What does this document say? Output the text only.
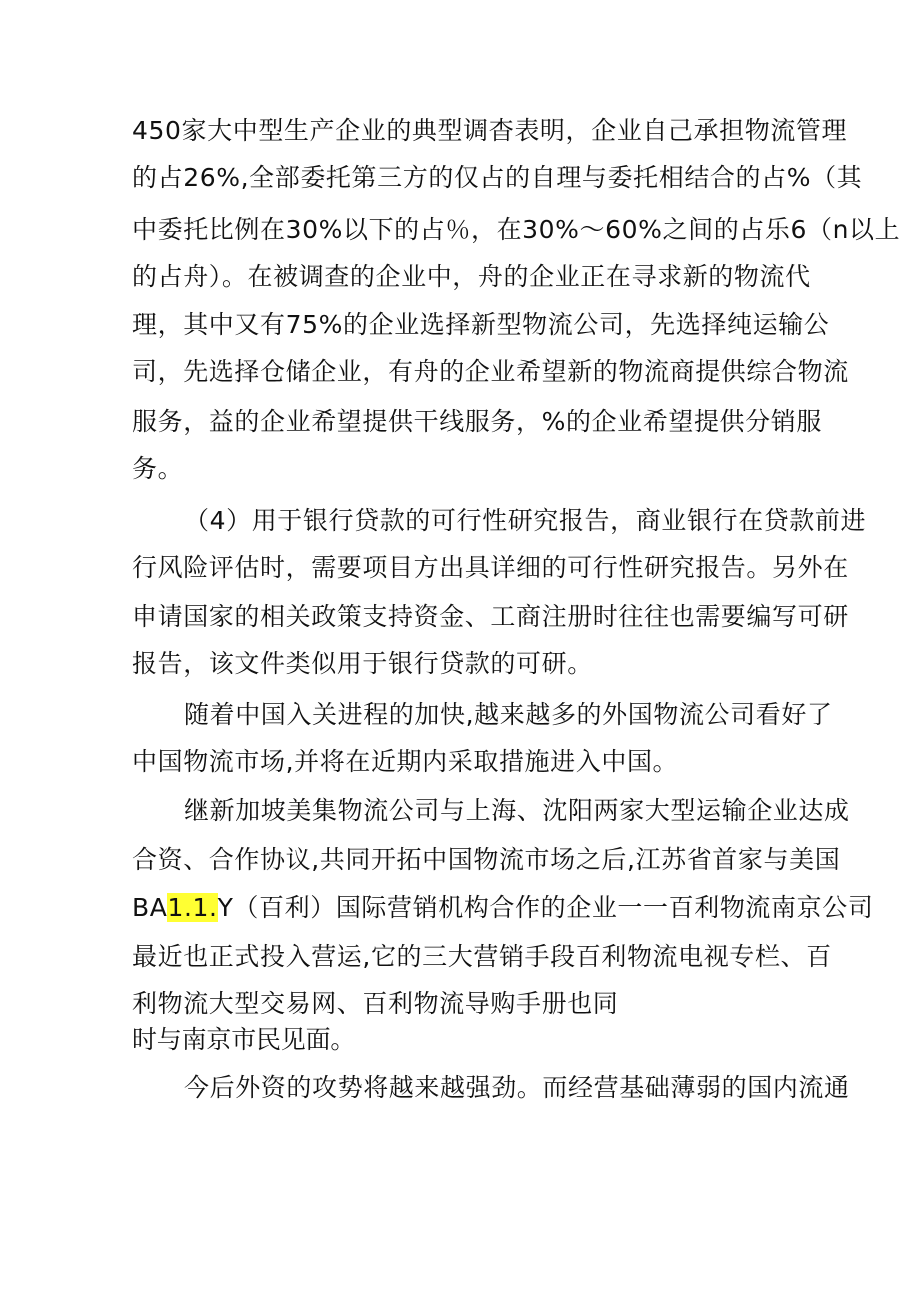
450家大中型生产企业的典型调杳表明，企业自己承担物流管理
的占26%,全部委托第三方的仅占的自理与委托相结合的占%（其
中委托比例在30%以下的占％，在30%〜60%之间的占乐6（n以上
的占舟）。在被调查的企业中，舟的企业正在寻求新的物流代
理，其中又有75%的企业选择新型物流公司，先选择纯运输公
司，先选择仓储企业，有舟的企业希望新的物流商提供综合物流
服务，益的企业希望提供干线服务，%的企业希望提供分销服
务。
（4）用于银行贷款的可行性研究报告，商业银行在贷款前进
行风险评估时，需要项目方出具详细的可行性研究报告。另外在
申请国家的相关政策支持资金、工商注册时往往也需要编写可研
报告，该文件类似用于银行贷款的可研。
随着中国入关进程的加快,越来越多的外国物流公司看好了
中国物流市场,并将在近期内采取措施进入中国。
继新加坡美集物流公司与上海、沈阳两家大型运输企业达成
合资、合作协议,共同开拓中国物流市场之后,江苏省首家与美国
BA1.1.Y（百利）国际营销机构合作的企业一一百利物流南京公司
最近也正式投入营运,它的三大营销手段百利物流电视专栏、百
利物流大型交易网、百利物流导购手册也同
时与南京市民见面。
今后外资的攻势将越来越强劲。而经营基础薄弱的国内流通
